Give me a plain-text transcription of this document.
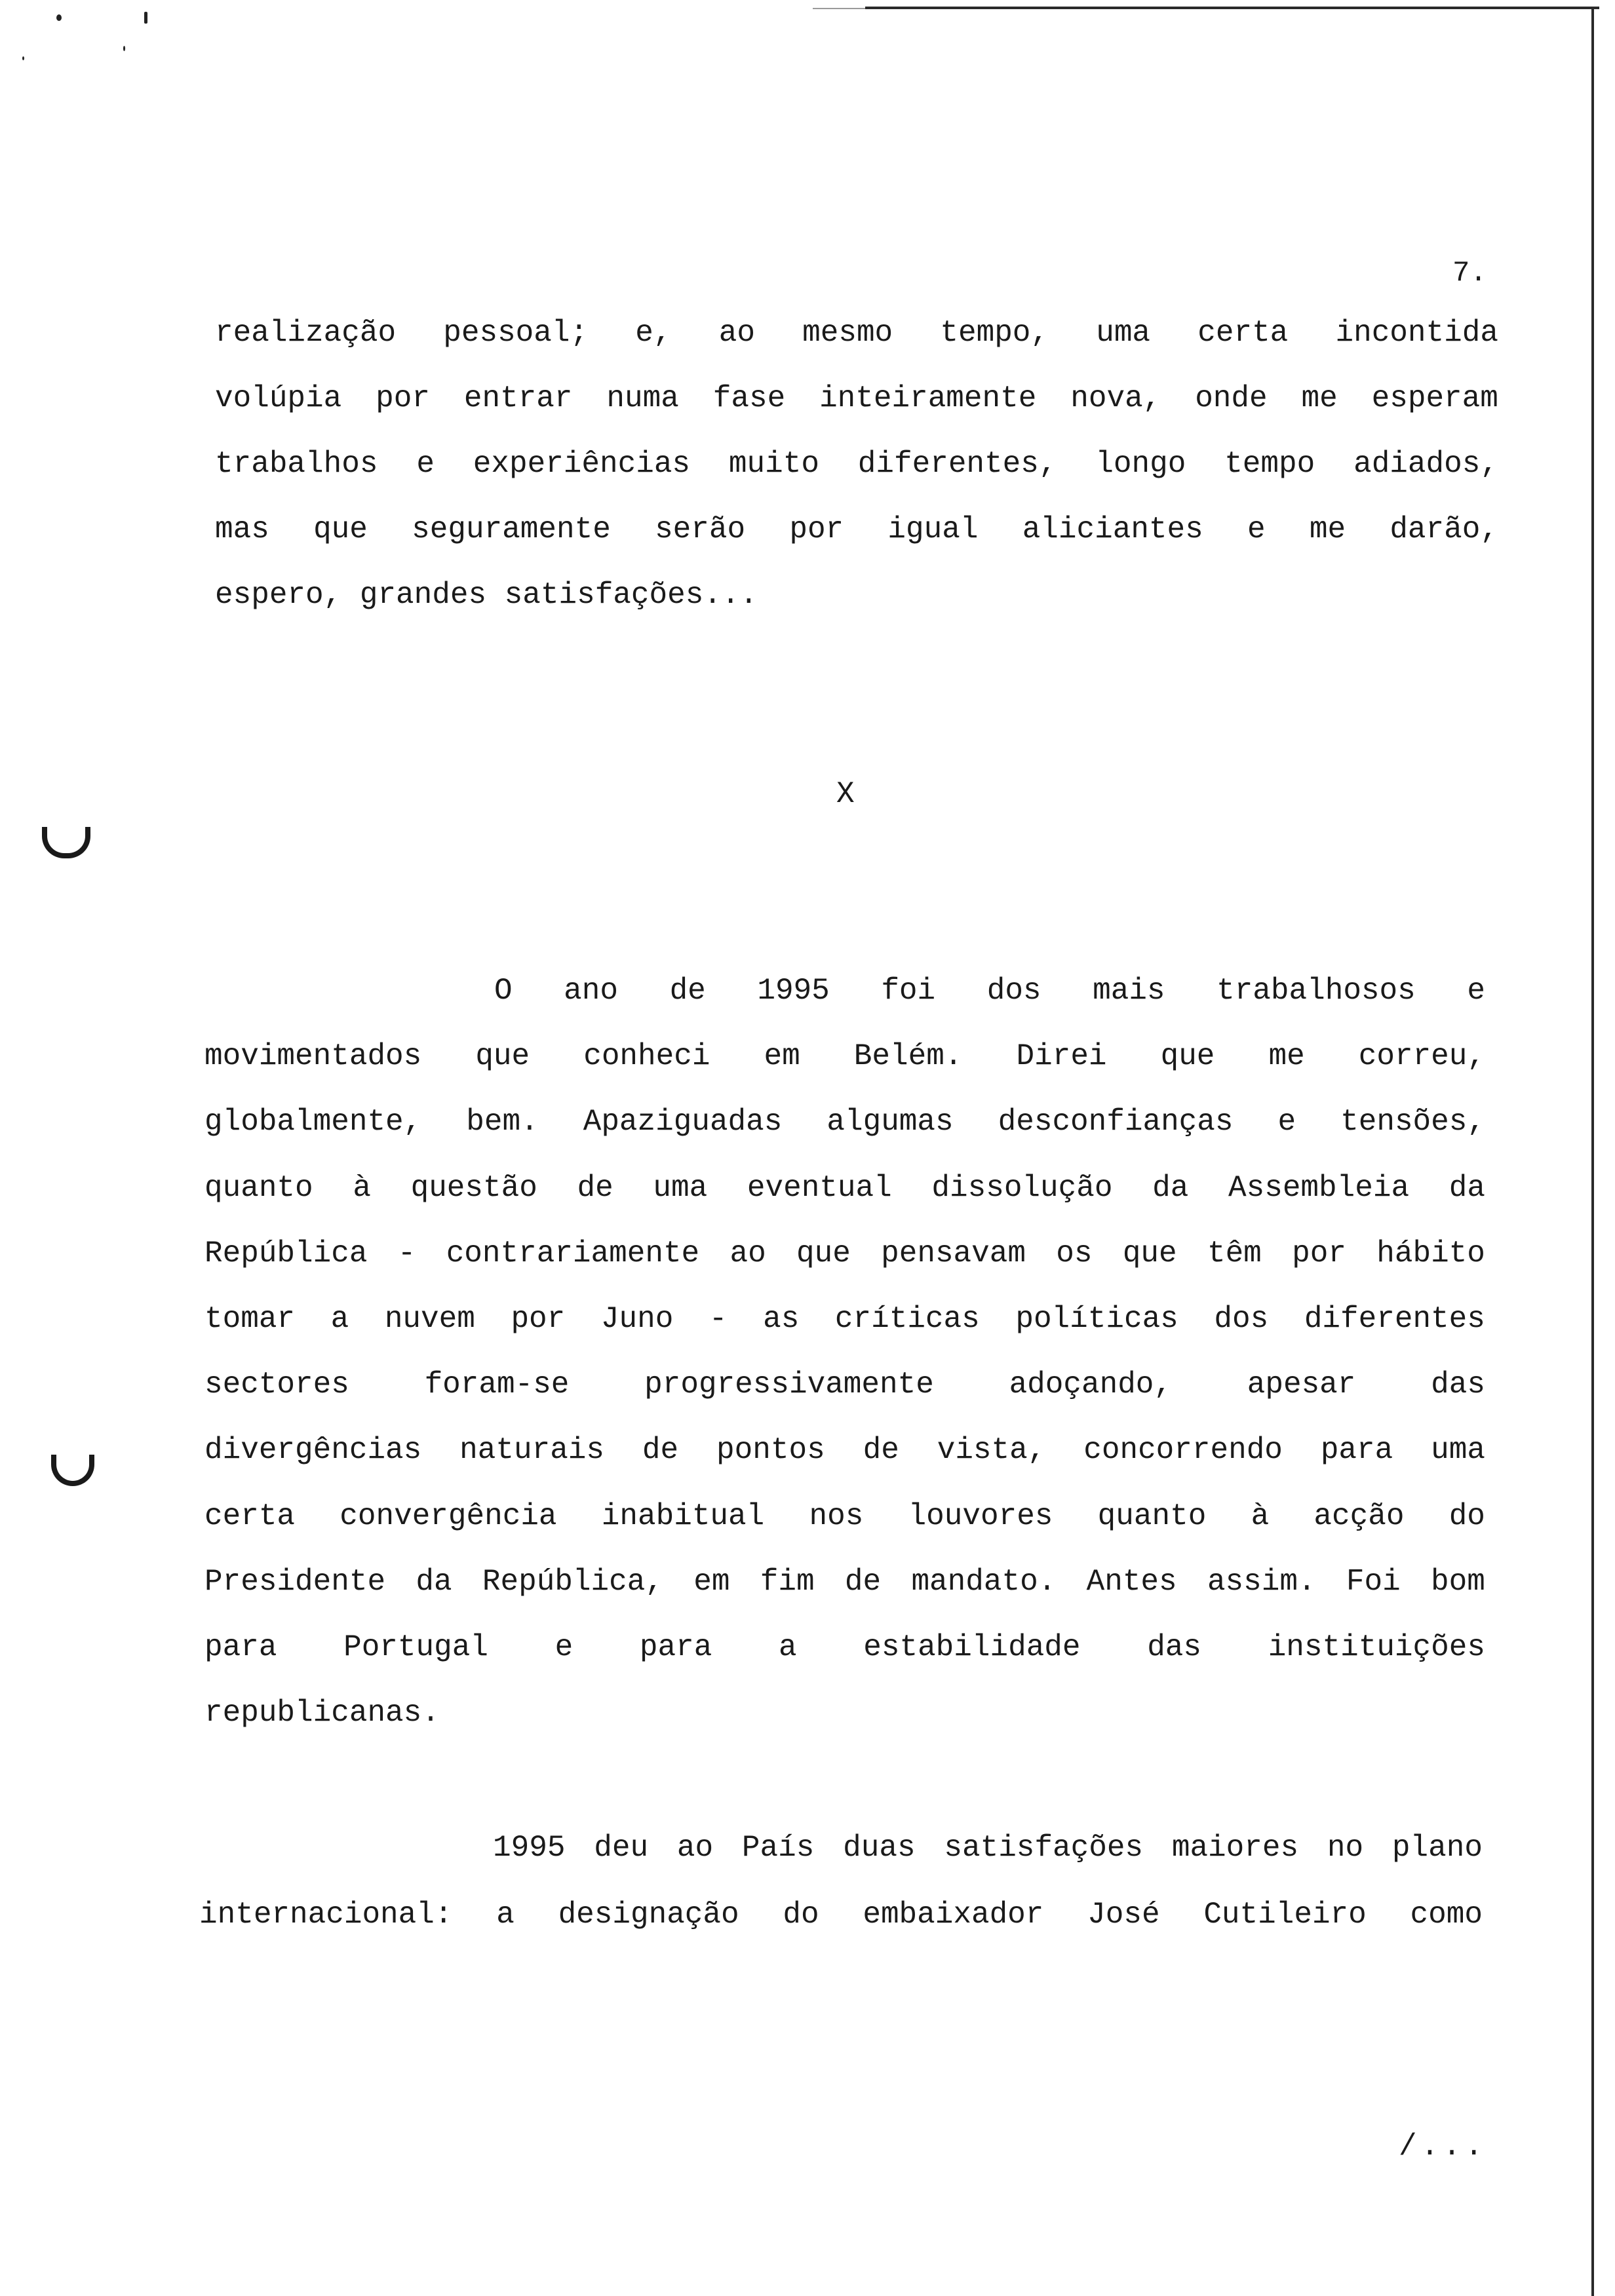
7.
realização pessoal; e, ao mesmo tempo, uma certa incontida
volúpia por entrar numa fase inteiramente nova, onde me esperam
trabalhos e experiências muito diferentes, longo tempo adiados,
mas que seguramente serão por igual aliciantes e me darão,
espero, grandes satisfações...
X
O ano de 1995 foi dos mais trabalhosos e
movimentados que conheci em Belém. Direi que me correu,
globalmente, bem. Apaziguadas algumas desconfianças e tensões,
quanto à questão de uma eventual dissolução da Assembleia da
República - contrariamente ao que pensavam os que têm por hábito
tomar a nuvem por Juno - as críticas políticas dos diferentes
sectores foram-se progressivamente adoçando, apesar das
divergências naturais de pontos de vista, concorrendo para uma
certa convergência inabitual nos louvores quanto à acção do
Presidente da República, em fim de mandato. Antes assim. Foi bom
para Portugal e para a estabilidade das instituições
republicanas.
1995 deu ao País duas satisfações maiores no plano
internacional: a designação do embaixador José Cutileiro como
/...
